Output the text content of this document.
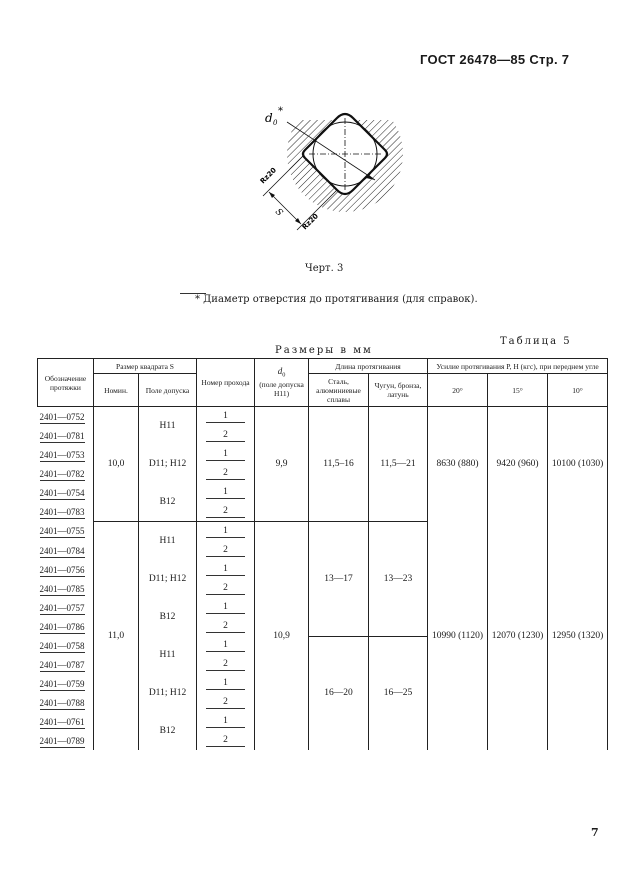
ГОСТ 26478—85 Стр. 7
d 0
*
S
Rz20
Rz20
Черт. 3
* Диаметр отверстия до протягивания (для справок).
Таблица 5
Размеры в мм
Обозначение протяжки	Размер квадрата S		Номер прохода	$d_0$
(поле допуска H11)	Длина протягивания		Усилие протягивания P, Н (кгс), при переднем угле		
					Сталь, алюминиевые сплавы	Чугун, бронза, латунь			
	Номин.	Поле допуска					20°	15°	10°
2401—0752	10,0	H11	1	9,9	11,5–16	11,5—21	8630 (880)	9420 (960)	10100 (1030)
2401—0781			2						
2401—0753		D11; H12	1						
2401—0782			2						
2401—0754		B12	1						
2401—0783			2						
2401—0755	11,0	H11	1	10,9	13—17	13—23	10990 (1120)	12070 (1230)	12950 (1320)
2401—0784			2						
2401—0756		D11; H12	1						
2401—0785			2						
2401—0757		B12	1						
2401—0786			2						
2401—0758		H11	1		16—20	16—25			
2401—0787			2						
2401—0759		D11; H12	1						
2401—0788			2						
2401—0761		B12	1						
2401—0789			2						
7
